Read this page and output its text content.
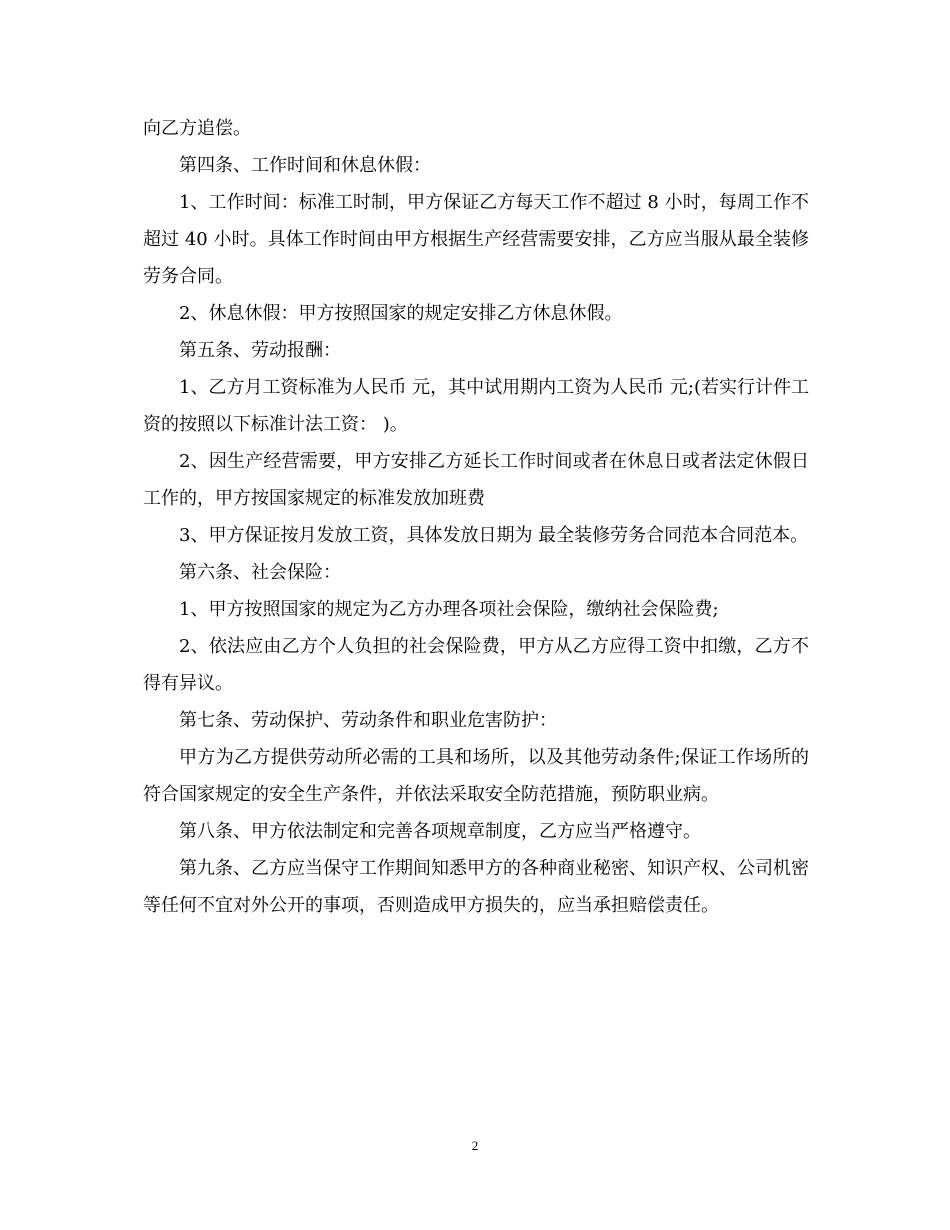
向乙方追偿。

第四条、工作时间和休息休假：

1、工作时间：标准工时制，甲方保证乙方每天工作不超过 8 小时，每周工作不超过 40 小时。具体工作时间由甲方根据生产经营需要安排，乙方应当服从最全装修劳务合同。

2、休息休假：甲方按照国家的规定安排乙方休息休假。

第五条、劳动报酬：

1、乙方月工资标准为人民币 元，其中试用期内工资为人民币 元;(若实行计件工资的按照以下标准计法工资： )。

2、因生产经营需要，甲方安排乙方延长工作时间或者在休息日或者法定休假日工作的，甲方按国家规定的标准发放加班费

3、甲方保证按月发放工资，具体发放日期为 最全装修劳务合同范本合同范本。

第六条、社会保险：

1、甲方按照国家的规定为乙方办理各项社会保险，缴纳社会保险费;

2、依法应由乙方个人负担的社会保险费，甲方从乙方应得工资中扣缴，乙方不得有异议。

第七条、劳动保护、劳动条件和职业危害防护：

甲方为乙方提供劳动所必需的工具和场所，以及其他劳动条件;保证工作场所的符合国家规定的安全生产条件，并依法采取安全防范措施，预防职业病。

第八条、甲方依法制定和完善各项规章制度，乙方应当严格遵守。

第九条、乙方应当保守工作期间知悉甲方的各种商业秘密、知识产权、公司机密等任何不宜对外公开的事项，否则造成甲方损失的，应当承担赔偿责任。

2
